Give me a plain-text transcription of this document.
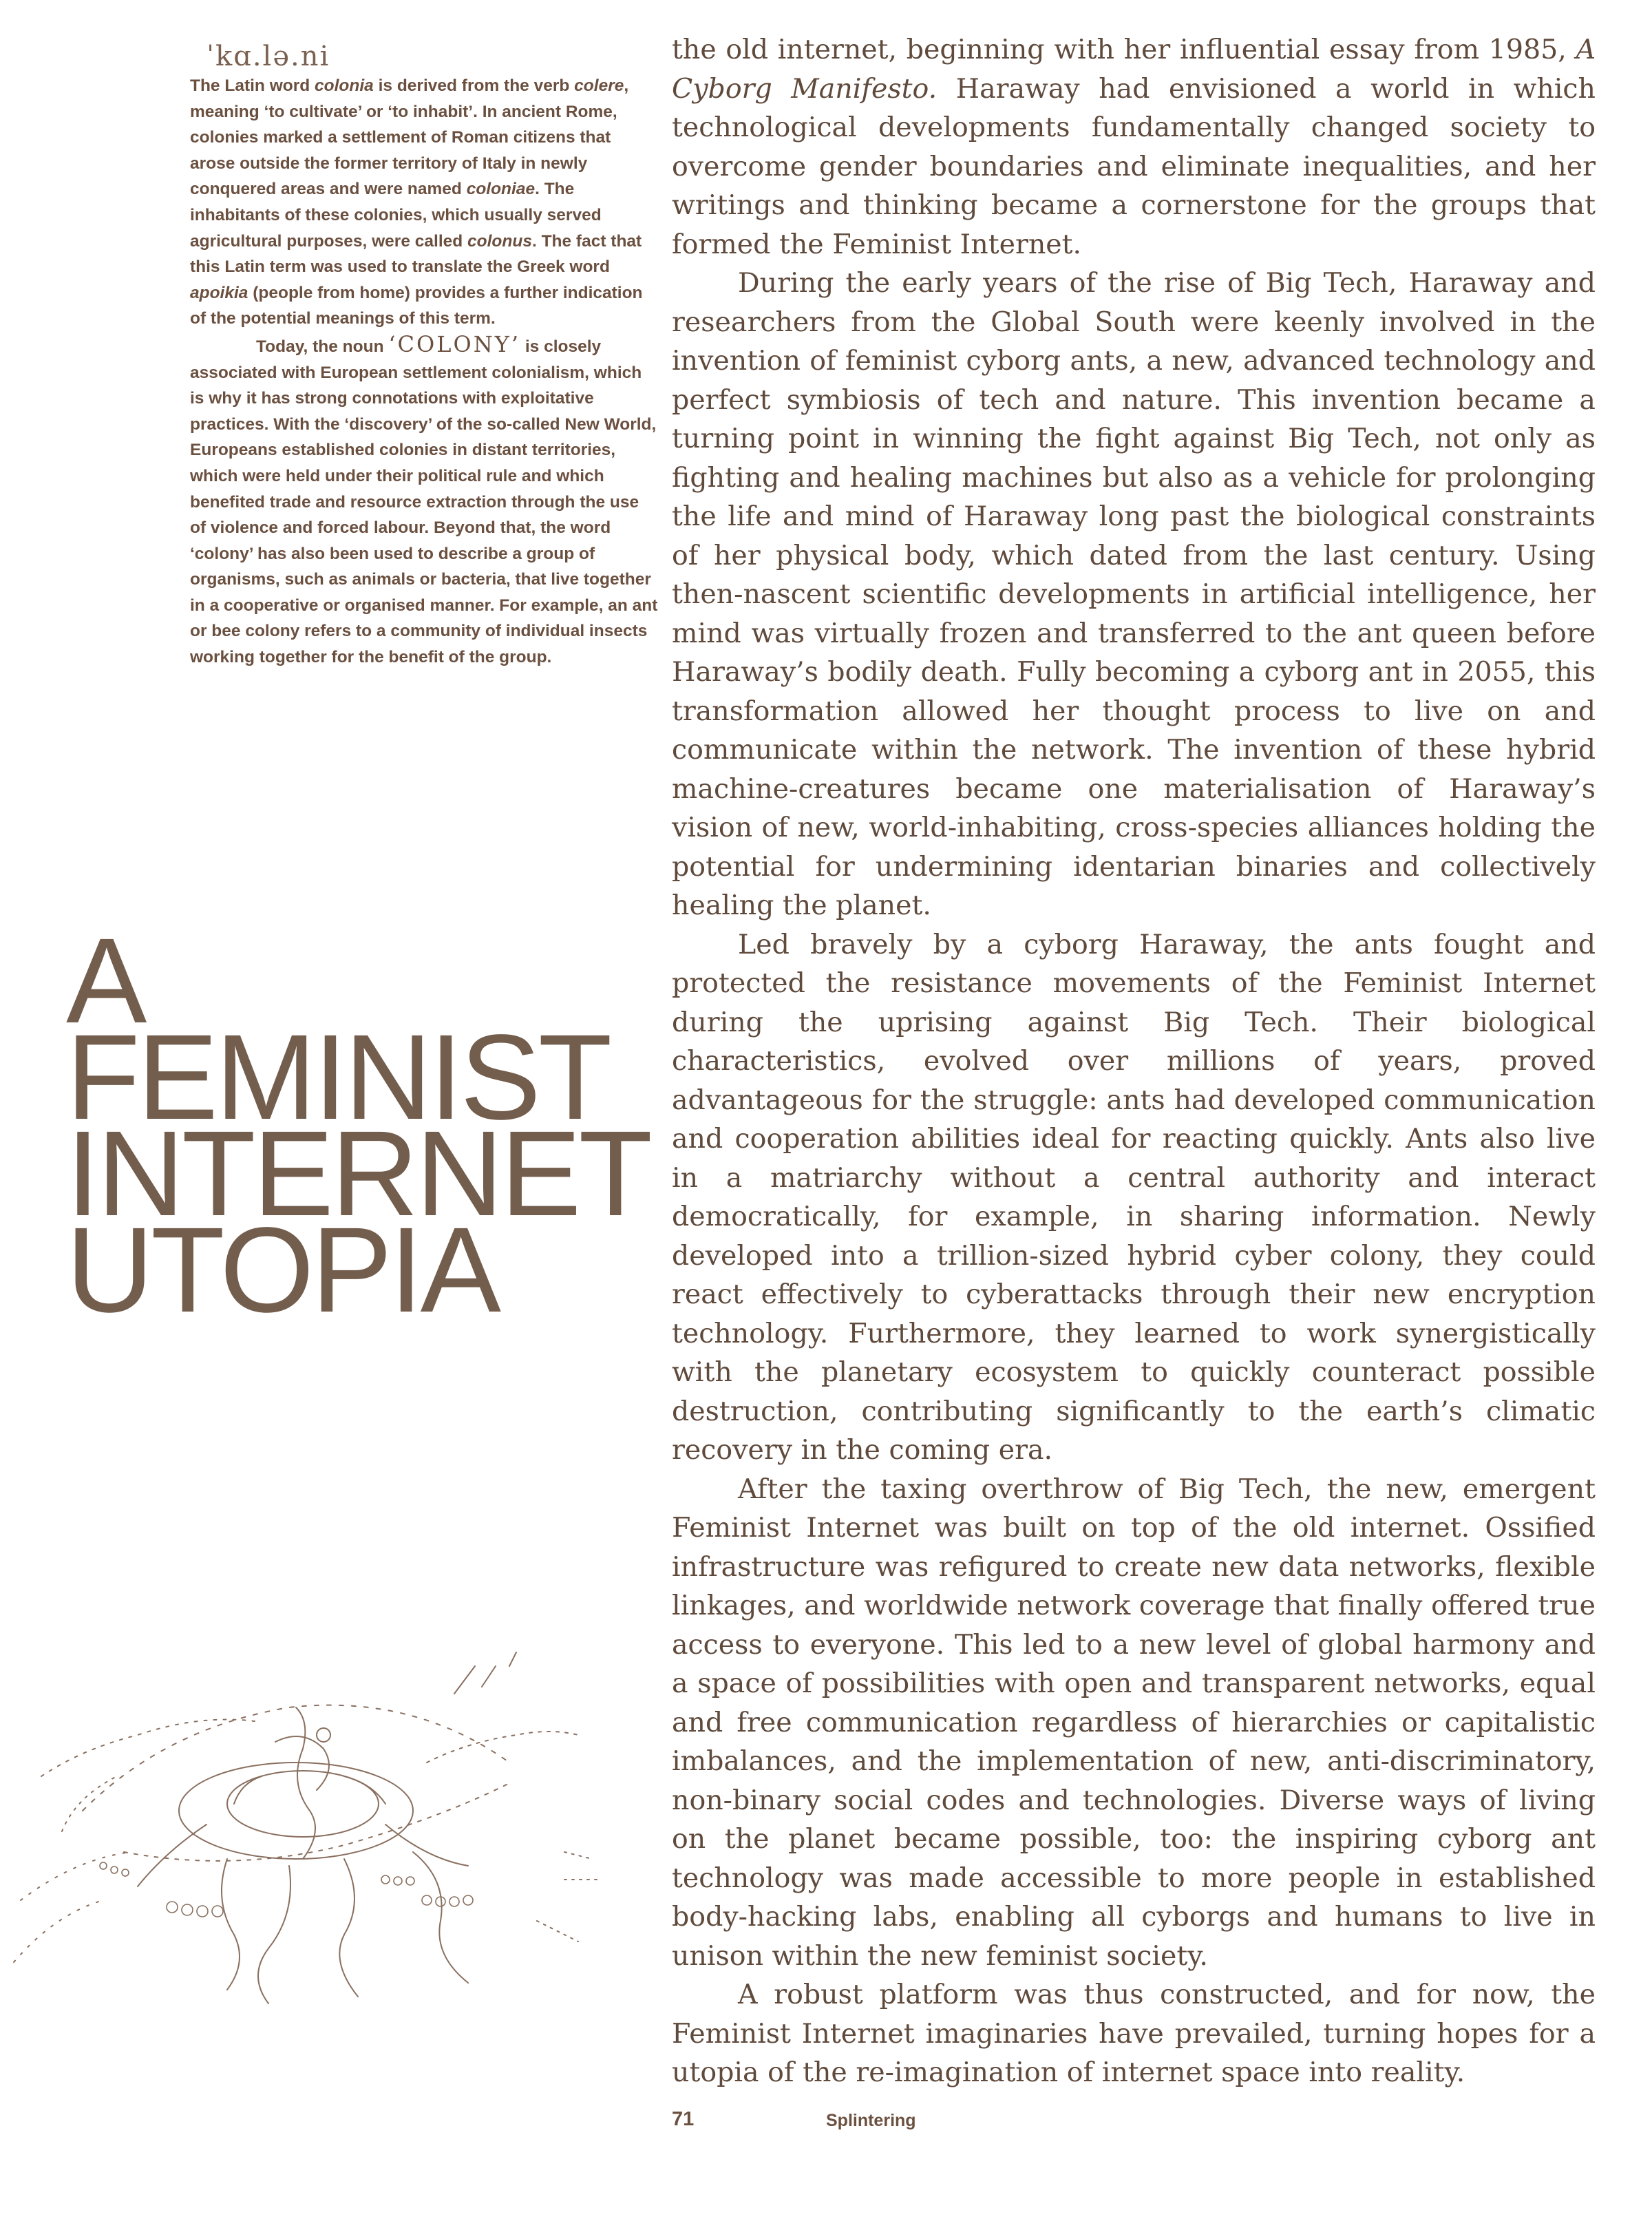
ˈkɑ.lə.ni

The Latin word colonia is derived from the verb colere, meaning ‘to cultivate’ or ‘to inhabit’. In ancient Rome, colonies marked a settlement of Roman citizens that arose outside the former territory of Italy in newly conquered areas and were named coloniae. The inhabitants of these colonies, which usually served agricultural purposes, were called colonus. The fact that this Latin term was used to translate the Greek word apoikia (people from home) provides a further indication of the potential meanings of this term.

Today, the noun ‘COLONY’ is closely associated with European settlement colonialism, which is why it has strong connotations with exploitative practices. With the ‘discovery’ of the so-called New World, Europeans established colonies in distant territories, which were held under their political rule and which benefited trade and resource extraction through the use of violence and forced labour. Beyond that, the word ‘colony’ has also been used to describe a group of organisms, such as animals or bacteria, that live together in a cooperative or organised manner. For example, an ant or bee colony refers to a community of individual insects working together for the benefit of the group.

A
FEMINIST
INTERNET
UTOPIA

the old internet, beginning with her influential essay from 1985, A Cyborg Manifesto. Haraway had envisioned a world in which technological developments fundamentally changed society to overcome gender boundaries and eliminate inequalities, and her writings and thinking became a cornerstone for the groups that formed the Feminist Internet.

During the early years of the rise of Big Tech, Haraway and researchers from the Global South were keenly involved in the invention of feminist cyborg ants, a new, advanced technology and perfect symbiosis of tech and nature. This invention became a turning point in winning the fight against Big Tech, not only as fighting and healing machines but also as a vehicle for prolonging the life and mind of Haraway long past the biological constraints of her physical body, which dated from the last century. Using then-nascent scientific developments in artificial intelligence, her mind was virtually frozen and transferred to the ant queen before Haraway’s bodily death. Fully becoming a cyborg ant in 2055, this transformation allowed her thought process to live on and communicate within the network. The invention of these hybrid machine-creatures became one materialisation of Haraway’s vision of new, world-inhabiting, cross-species alliances holding the potential for undermining identarian binaries and collectively healing the planet.

Led bravely by a cyborg Haraway, the ants fought and protected the resistance movements of the Feminist Internet during the uprising against Big Tech. Their biological characteristics, evolved over millions of years, proved advantageous for the struggle: ants had developed communication and cooperation abilities ideal for reacting quickly. Ants also live in a matriarchy without a central authority and interact democratically, for example, in sharing information. Newly developed into a trillion-sized hybrid cyber colony, they could react effectively to cyberattacks through their new encryption technology. Furthermore, they learned to work synergistically with the planetary ecosystem to quickly counteract possible destruction, contributing significantly to the earth’s climatic recovery in the coming era.

After the taxing overthrow of Big Tech, the new, emergent Feminist Internet was built on top of the old internet. Ossified infrastructure was refigured to create new data networks, flexible linkages, and worldwide network coverage that finally offered true access to everyone. This led to a new level of global harmony and a space of possibilities with open and transparent networks, equal and free communication regardless of hierarchies or capitalistic imbalances, and the implementation of new, anti-discriminatory, non-binary social codes and technologies. Diverse ways of living on the planet became possible, too: the inspiring cyborg ant technology was made accessible to more people in established body-hacking labs, enabling all cyborgs and humans to live in unison within the new feminist society.

A robust platform was thus constructed, and for now, the Feminist Internet imaginaries have prevailed, turning hopes for a utopia of the re-imagination of internet space into reality.

71	Splintering
